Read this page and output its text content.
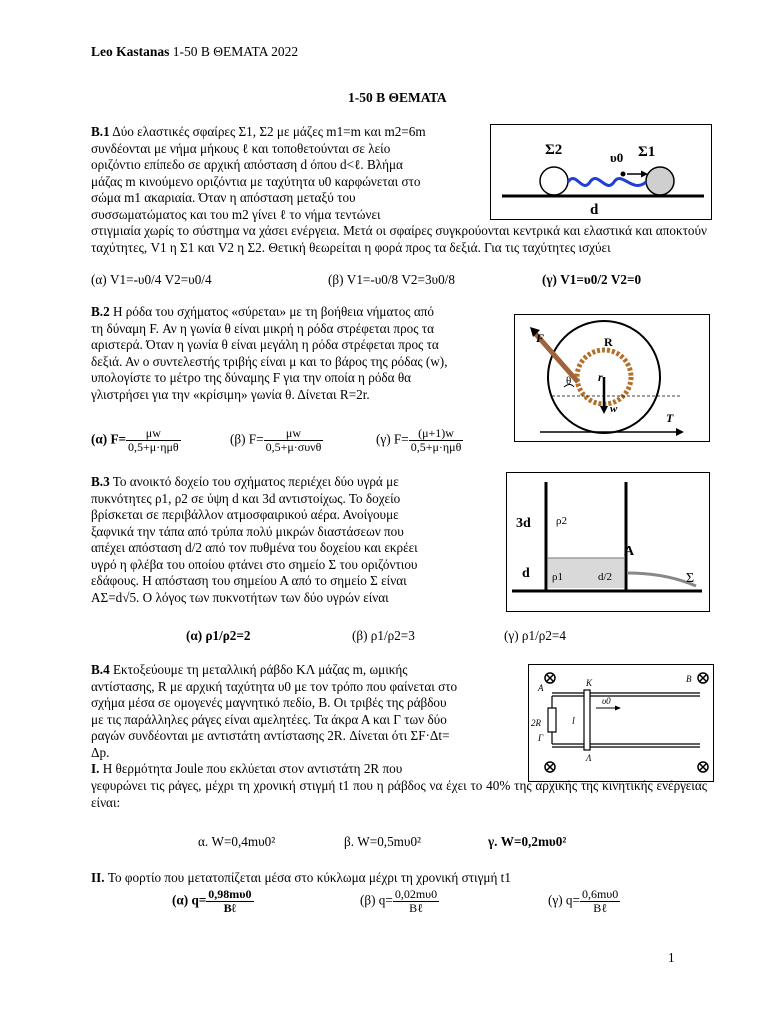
Leo Kastanas 1-50 Β ΘΕΜΑΤΑ 2022
1-50 Β ΘΕΜΑΤΑ
Β.1 Δύο ελαστικές σφαίρες Σ1, Σ2 με μάζες m1=m και m2=6m
συνδέονται με νήμα μήκους ℓ και τοποθετούνται σε λείο
οριζόντιο επίπεδο σε αρχική απόσταση d όπου d<ℓ. Βλήμα
μάζας m κινούμενο οριζόντια με ταχύτητα υ0 καρφώνεται στο
σώμα m1 ακαριαία. Όταν η απόσταση μεταξύ του
συσσωματώματος και του m2 γίνει ℓ το νήμα τεντώνει
στιγμιαία χωρίς το σύστημα να χάσει ενέργεια. Μετά οι σφαίρες συγκρούονται κεντρικά και ελαστικά και αποκτούν ταχύτητες, V1 η Σ1 και V2 η Σ2. Θετική θεωρείται η φορά προς τα δεξιά. Για τις ταχύτητες ισχύει
(α) V1=-υ0/4 V2=υ0/4	(β) V1=-υ0/8 V2=3υ0/8	(γ) V1=υ0/2 V2=0
Σ2	Σ1
υ0
d
Β.2 Η ρόδα του σχήματος «σύρεται» με τη βοήθεια νήματος από
τη δύναμη F. Αν η γωνία θ είναι μικρή η ρόδα στρέφεται προς τα
αριστερά. Όταν η γωνία θ είναι μεγάλη η ρόδα στρέφεται προς τα
δεξιά. Αν ο συντελεστής τριβής είναι μ και το βάρος της ρόδας (w),
υπολογίστε το μέτρο της δύναμης F για την οποία η ρόδα θα
γλιστρήσει για την «κρίσιμη» γωνία θ. Δίνεται R=2r.
(α) $F= \frac{\mu w}{\text{0,5+μ·ημθ}}$	(β) $F= \frac{\mu w}{\text{0,5+μ·συνθ}}$	(γ) $F= \frac{(\mu+1)w}{\text{0,5+μ·ημθ}}$
F	R
r
w
θ
T
Β.3 Το ανοικτό δοχείο του σχήματος περιέχει δύο υγρά με
πυκνότητες ρ1, ρ2 σε ύψη d και 3d αντιστοίχως. Το δοχείο
βρίσκεται σε περιβάλλον ατμοσφαιρικού αέρα. Ανοίγουμε
ξαφνικά την τάπα από τρύπα πολύ μικρών διαστάσεων που
απέχει απόσταση d/2 από τον πυθμένα του δοχείου και εκρέει
υγρό η φλέβα του οποίου φτάνει στο σημείο Σ του οριζόντιου
εδάφους. Η απόσταση του σημείου Α από το σημείο Σ είναι
ΑΣ=d√5. Ο λόγος των πυκνοτήτων των δύο υγρών είναι
(α) ρ1/ρ2=2	(β) ρ1/ρ2=3	(γ) ρ1/ρ2=4
3d
d
ρ2
ρ1	d/2
A
Σ
Β.4 Εκτοξεύουμε τη μεταλλική ράβδο ΚΛ μάζας m, ωμικής
αντίστασης, R με αρχική ταχύτητα υ0 με τον τρόπο που φαίνεται στο
σχήμα μέσα σε ομογενές μαγνητικό πεδίο, Β. Οι τριβές της ράβδου
με τις παράλληλες ράγες είναι αμελητέες. Τα άκρα Α και Γ των δύο
ραγών συνδέονται με αντιστάτη αντίστασης 2R. Δίνεται ότι ΣF·Δt=
Δp.
I. Η θερμότητα Joule που εκλύεται στον αντιστάτη 2R που
γεφυρώνει τις ράγες, μέχρι τη χρονική στιγμή t1 που η ράβδος να έχει το 40% της αρχικής της κινητικής ενέργειας είναι:
α. W=0,4mυ0²	β. W=0,5mυ0²	γ. W=0,2mυ0²
II. Το φορτίο που μετατοπίζεται μέσα στο κύκλωμα μέχρι τη χρονική στιγμή t1
(α) $q= \frac{0,98m\upsilon 0}{\text{Bℓ}}$	(β) $q= \frac{0,02m\upsilon 0}{\text{Bℓ}}$	(γ) $q= \frac{0,6m\upsilon 0}{\text{Bℓ}}$
Α	Κ	Β
2R	l
υ0
Γ
Λ
1
